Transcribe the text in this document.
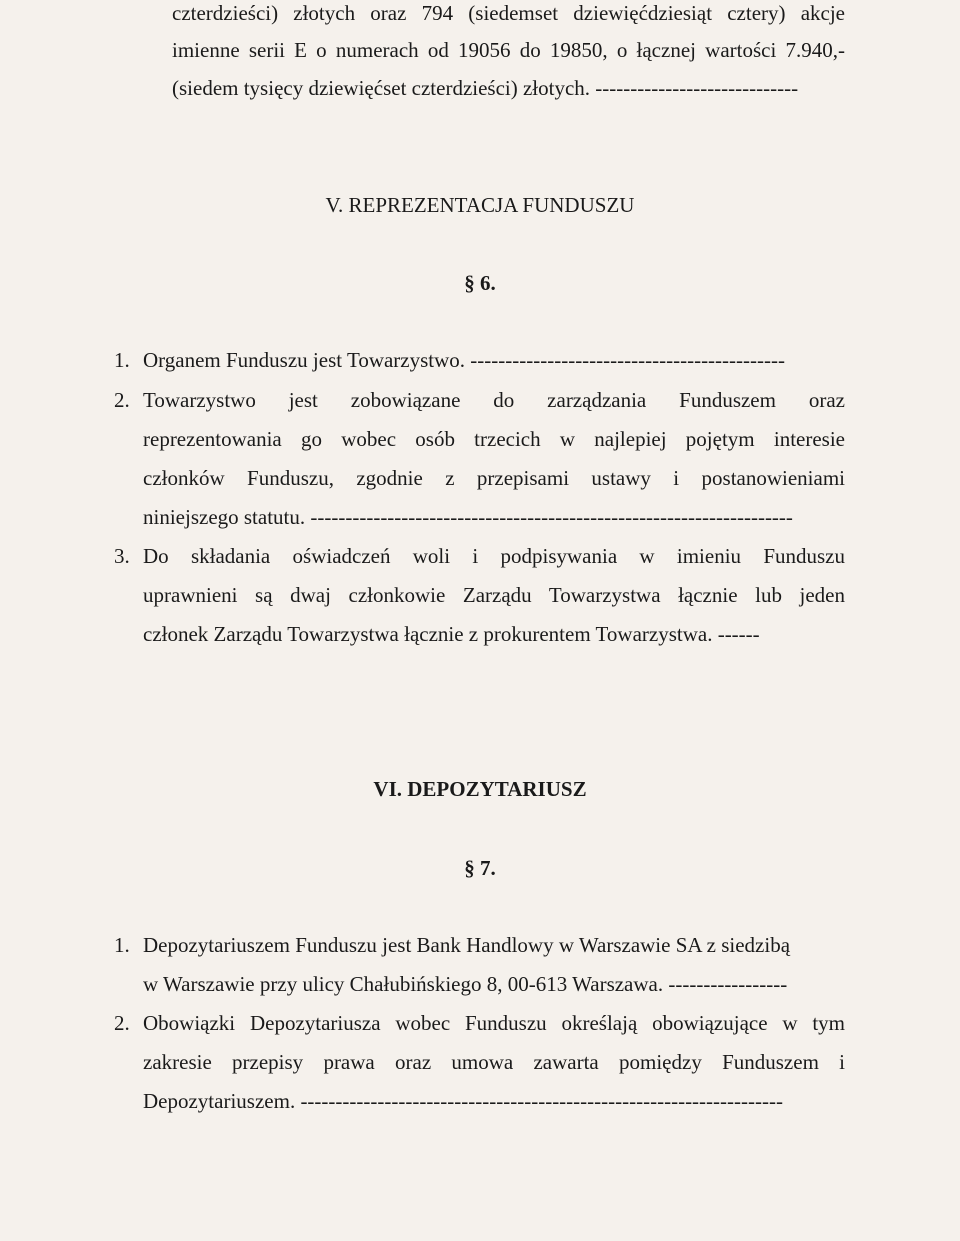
czterdzieści) złotych oraz 794 (siedemset dziewięćdziesiąt cztery) akcje
imienne serii E o numerach od 19056 do 19850, o łącznej wartości 7.940,-
(siedem tysięcy dziewięćset czterdzieści) złotych. -----------------------------
V. REPREZENTACJA FUNDUSZU
§ 6.
1. Organem Funduszu jest Towarzystwo. ---------------------------------------------
2. Towarzystwo jest zobowiązane do zarządzania Funduszem oraz
reprezentowania go wobec osób trzecich w najlepiej pojętym interesie
członków Funduszu, zgodnie z przepisami ustawy i postanowieniami
niniejszego statutu. ---------------------------------------------------------------------
3. Do składania oświadczeń woli i podpisywania w imieniu Funduszu
uprawnieni są dwaj członkowie Zarządu Towarzystwa łącznie lub jeden
członek Zarządu Towarzystwa łącznie z prokurentem Towarzystwa. ------
VI. DEPOZYTARIUSZ
§ 7.
1. Depozytariuszem Funduszu jest Bank Handlowy w Warszawie SA z siedzibą
w Warszawie przy ulicy Chałubińskiego 8, 00-613 Warszawa. -----------------
2. Obowiązki Depozytariusza wobec Funduszu określają obowiązujące w tym
zakresie przepisy prawa oraz umowa zawarta pomiędzy Funduszem i
Depozytariuszem. ---------------------------------------------------------------------
